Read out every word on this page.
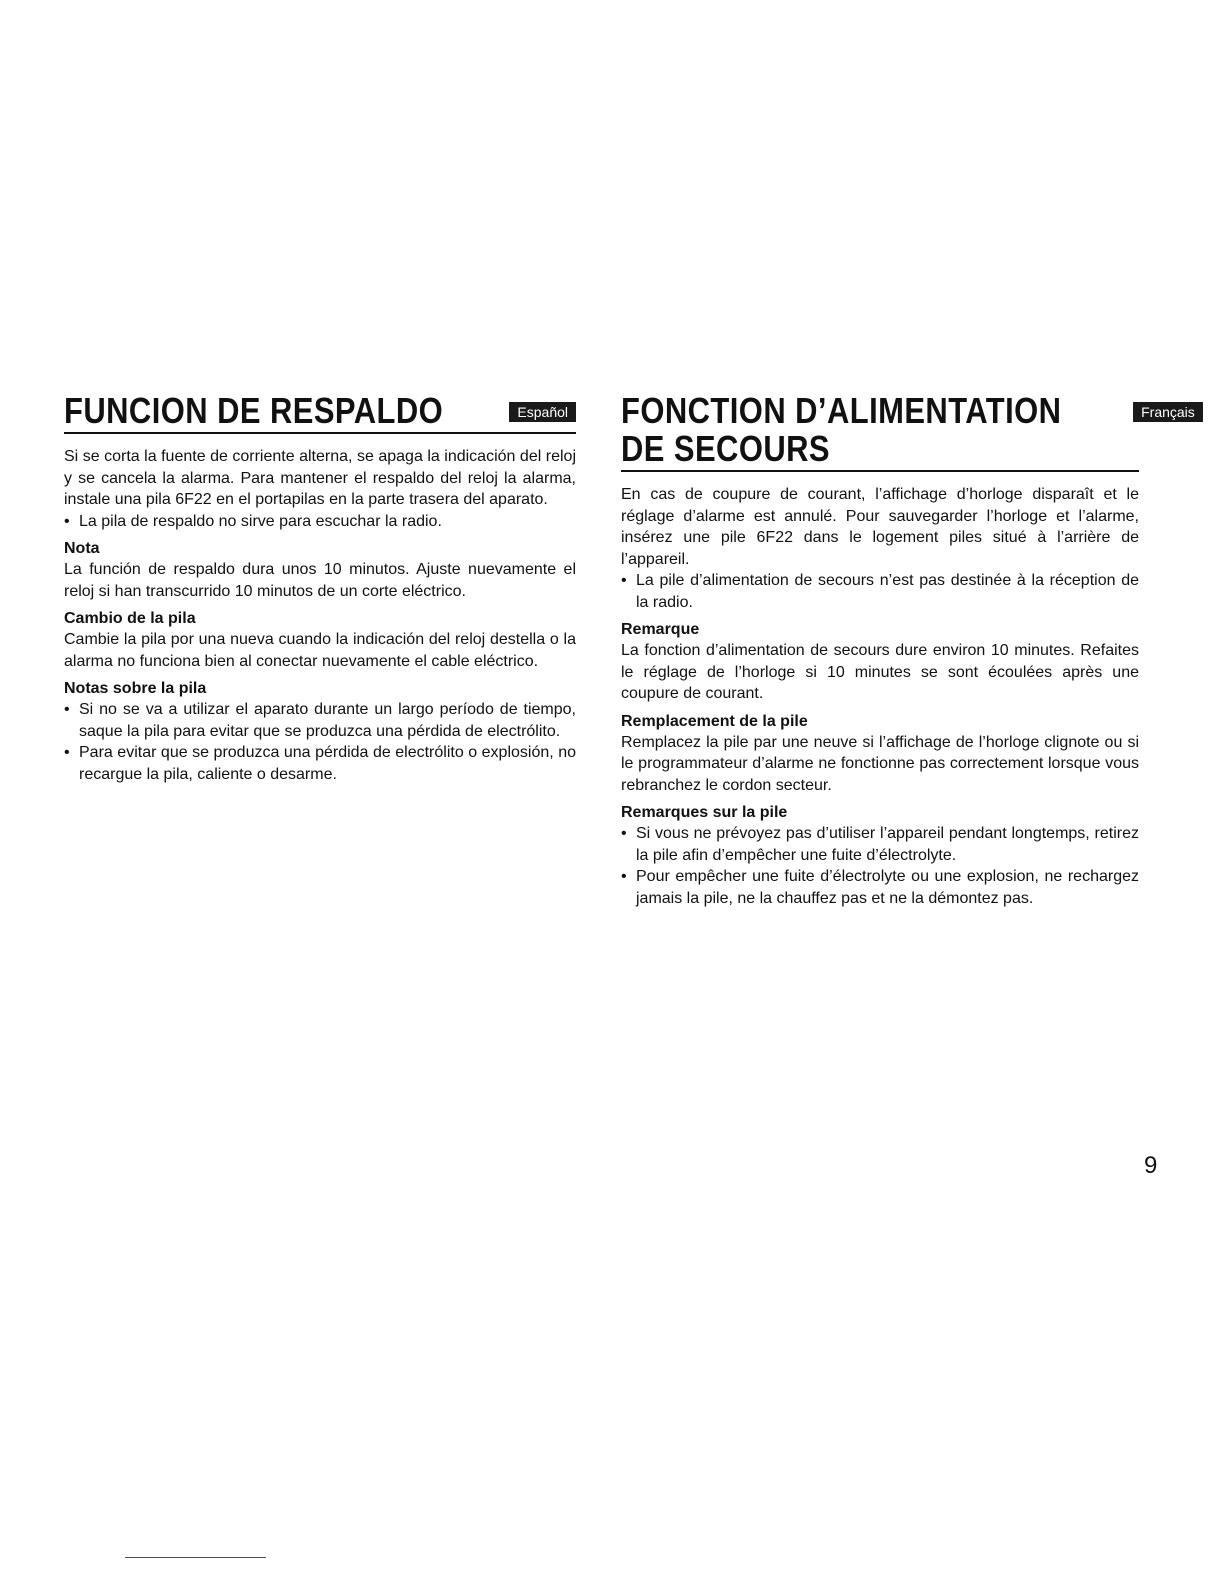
FUNCION DE RESPALDO	Español

Si se corta la fuente de corriente alterna, se apaga la indicación del reloj y se cancela la alarma. Para mantener el respaldo del reloj la alarma, instale una pila 6F22 en el portapilas en la parte trasera del aparato.

• La pila de respaldo no sirve para escuchar la radio.
Nota

La función de respaldo dura unos 10 minutos. Ajuste nuevamente el reloj si han transcurrido 10 minutos de un corte eléctrico.

Cambio de la pila

Cambie la pila por una nueva cuando la indicación del reloj destella o la alarma no funciona bien al conectar nuevamente el cable eléctrico.

Notas sobre la pila
• Si no se va a utilizar el aparato durante un largo período de tiempo, saque la pila para evitar que se produzca una pérdida de electrólito.
• Para evitar que se produzca una pérdida de electrólito o explosión, no recargue la pila, caliente o desarme.
FONCTION D’ALIMENTATION	Français
DE SECOURS

En cas de coupure de courant, l’affichage d’horloge disparaît et le réglage d’alarme est annulé. Pour sauvegarder l’horloge et l’alarme, insérez une pile 6F22 dans le logement piles situé à l’arrière de l’appareil.

• La pile d’alimentation de secours n’est pas destinée à la réception de la radio.
Remarque

La fonction d’alimentation de secours dure environ 10 minutes. Refaites le réglage de l’horloge si 10 minutes se sont écoulées après une coupure de courant.

Remplacement de la pile

Remplacez la pile par une neuve si l’affichage de l’horloge clignote ou si le programmateur d’alarme ne fonctionne pas correctement lorsque vous rebranchez le cordon secteur.

Remarques sur la pile
• Si vous ne prévoyez pas d’utiliser l’appareil pendant longtemps, retirez la pile afin d’empêcher une fuite d’électrolyte.
• Pour empêcher une fuite d’électrolyte ou une explosion, ne rechargez jamais la pile, ne la chauffez pas et ne la démontez pas.
9
